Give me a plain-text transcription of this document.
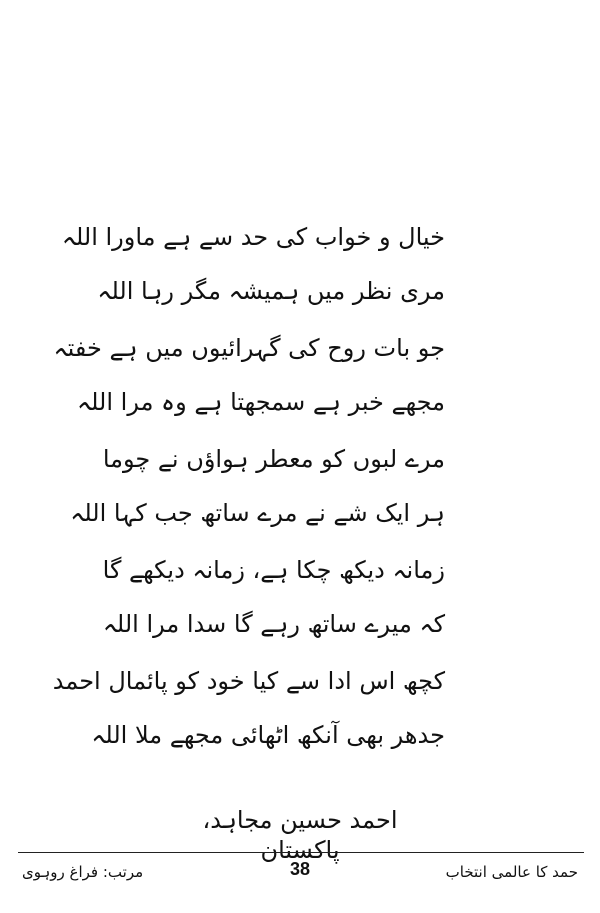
خیال و خواب کی حد سے ہے ماورا اللہ
مری نظر میں ہمیشہ مگر رہا اللہ
جو بات روح کی گہرائیوں میں ہے خفتہ
مجھے خبر ہے سمجھتا ہے وہ مرا اللہ
مرے لبوں کو معطر ہواؤں نے چوما
ہر ایک شے نے مرے ساتھ جب کہا اللہ
زمانہ دیکھ چکا ہے، زمانہ دیکھے گا
کہ میرے ساتھ رہے گا سدا مرا اللہ
کچھ اس ادا سے کیا خود کو پائمال احمد
جدھر بھی آنکھ اٹھائی مجھے ملا اللہ
احمد حسین مجاہد، پاکستان
مرتب: فراغ روہوی	38	حمد کا عالمی انتخاب
